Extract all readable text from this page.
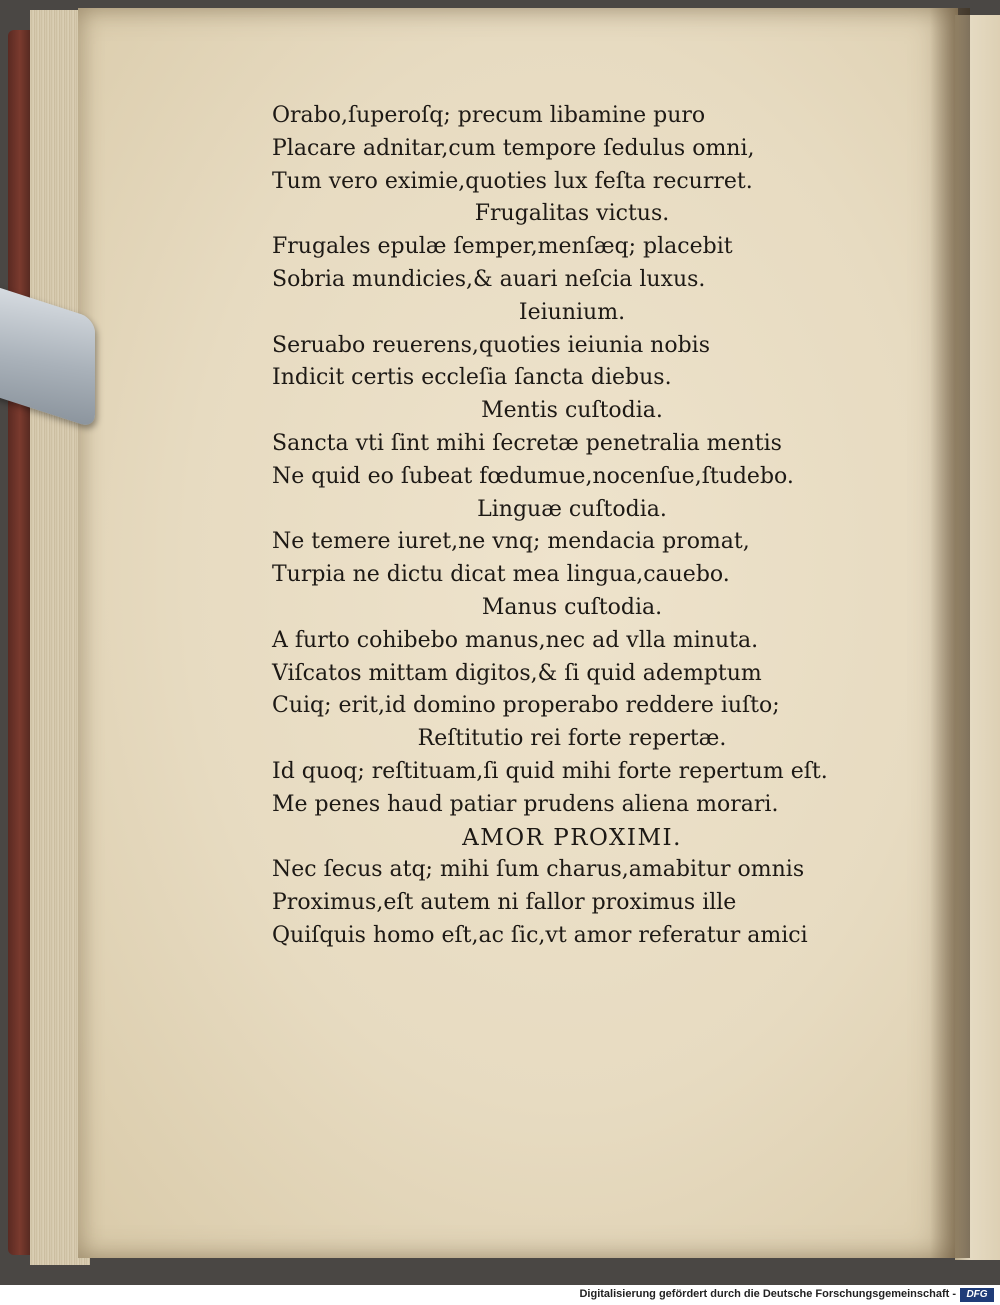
Orabo,ſuperoſq; precum libamine puro
Placare adnitar,cum tempore ſedulus omni,
Tum vero eximie,quoties lux feſta recurret.
Frugalitas victus.
Frugales epulæ ſemper,menſæq; placebit
Sobria mundicies,& auari neſcia luxus.
Ieiunium.
Seruabo reuerens,quoties ieiunia nobis
Indicit certis eccleſia ſancta diebus.
Mentis cuſtodia.
Sancta vti ſint mihi ſecretæ penetralia mentis
Ne quid eo ſubeat fœdumue,nocenſue,ſtudebo.
Linguæ cuſtodia.
Ne temere iuret,ne vnq; mendacia promat,
Turpia ne dictu dicat mea lingua,cauebo.
Manus cuſtodia.
A furto cohibebo manus,nec ad vlla minuta.
Viſcatos mittam digitos,& ſi quid ademptum
Cuiq; erit,id domino properabo reddere iuſto;
Reſtitutio rei forte repertæ.
Id quoq; reſtituam,ſi quid mihi forte repertum eſt.
Me penes haud patiar prudens aliena morari.
AMOR PROXIMI.
Nec ſecus atq; mihi ſum charus,amabitur omnis
Proximus,eſt autem ni fallor proximus ille
Quiſquis homo eſt,ac ſic,vt amor referatur amici
Digitalisierung gefördert durch die Deutsche Forschungsgemeinschaft -	DFG
